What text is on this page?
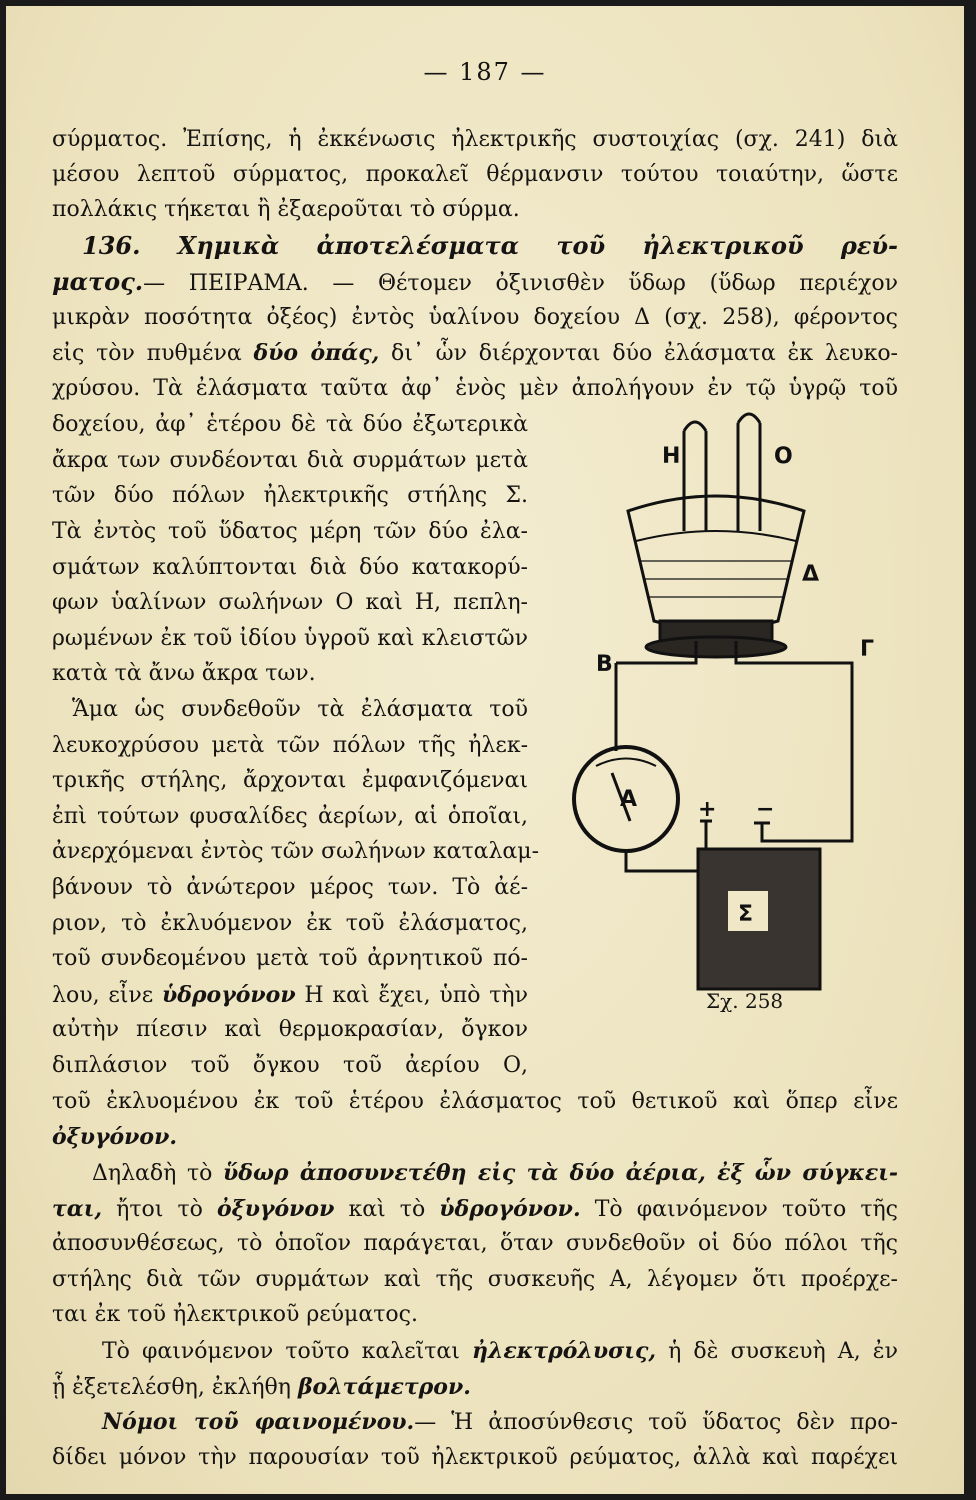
— 187 —
σύρματος. Ἐπίσης, ἡ ἐκκένωσις ἠλεκτρικῆς συστοιχίας (σχ. 241) διὰ
μέσου λεπτοῦ σύρματος, προκαλεῖ θέρμανσιν τούτου τοιαύτην, ὥστε
πολλάκις τήκεται ἢ ἐξαεροῦται τὸ σύρμα.
136. Χημικὰ ἀποτελέσματα τοῦ ἠλεκτρικοῦ ρεύ-
ματος.— ΠΕΙΡΑΜΑ. — Θέτομεν ὀξινισθὲν ὕδωρ (ὕδωρ περιέχον
μικρὰν ποσότητα ὀξέος) ἐντὸς ὑαλίνου δοχείου Δ (σχ. 258), φέροντος
εἰς τὸν πυθμένα δύο ὀπάς, δι᾽ ὧν διέρχονται δύο ἐλάσματα ἐκ λευκο-
χρύσου. Τὰ ἐλάσματα ταῦτα ἀφ᾽ ἑνὸς μὲν ἀπολήγουν ἐν τῷ ὑγρῷ τοῦ
δοχείου, ἀφ᾽ ἑτέρου δὲ τὰ δύο ἐξωτερικὰ
ἄκρα των συνδέονται διὰ συρμάτων μετὰ
τῶν δύο πόλων ἠλεκτρικῆς στήλης Σ.
Τὰ ἐντὸς τοῦ ὕδατος μέρη τῶν δύο ἐλα-
σμάτων καλύπτονται διὰ δύο κατακορύ-
φων ὑαλίνων σωλήνων Ο καὶ Η, πεπλη-
ρωμένων ἐκ τοῦ ἰδίου ὑγροῦ καὶ κλειστῶν
κατὰ τὰ ἄνω ἄκρα των.
Ἅμα ὡς συνδεθοῦν τὰ ἐλάσματα τοῦ
λευκοχρύσου μετὰ τῶν πόλων τῆς ἠλεκ-
τρικῆς στήλης, ἄρχονται ἐμφανιζόμεναι
ἐπὶ τούτων φυσαλίδες ἀερίων, αἱ ὁποῖαι,
ἀνερχόμεναι ἐντὸς τῶν σωλήνων καταλαμ-
βάνουν τὸ ἀνώτερον μέρος των. Τὸ ἀέ-
ριον, τὸ ἐκλυόμενον ἐκ τοῦ ἐλάσματος,
τοῦ συνδεομένου μετὰ τοῦ ἀρνητικοῦ πό-
λου, εἶνε ὑδρογόνον Η καὶ ἔχει, ὑπὸ τὴν
αὐτὴν πίεσιν καὶ θερμοκρασίαν, ὄγκον
διπλάσιον τοῦ ὄγκου τοῦ ἀερίου Ο,
τοῦ ἐκλυομένου ἐκ τοῦ ἑτέρου ἐλάσματος τοῦ θετικοῦ καὶ ὅπερ εἶνε
ὀξυγόνον.
Δηλαδὴ τὸ ὕδωρ ἀποσυνετέθη εἰς τὰ δύο ἀέρια, ἐξ ὧν σύγκει-
ται, ἤτοι τὸ ὀξυγόνον καὶ τὸ ὑδρογόνον. Τὸ φαινόμενον τοῦτο τῆς
ἀποσυνθέσεως, τὸ ὁποῖον παράγεται, ὅταν συνδεθοῦν οἱ δύο πόλοι τῆς
στήλης διὰ τῶν συρμάτων καὶ τῆς συσκευῆς Α, λέγομεν ὅτι προέρχε-
ται ἐκ τοῦ ἠλεκτρικοῦ ρεύματος.
Τὸ φαινόμενον τοῦτο καλεῖται ἠλεκτρόλυσις, ἡ δὲ συσκευὴ Α, ἐν
ᾗ ἐξετελέσθη, ἐκλήθη βολτάμετρον.
Νόμοι τοῦ φαινομένου.— Ἡ ἀποσύνθεσις τοῦ ὕδατος δὲν προ-
δίδει μόνον τὴν παρουσίαν τοῦ ἠλεκτρικοῦ ρεύματος, ἀλλὰ καὶ παρέχει
Η	Ο
Δ
Β
Γ
A
Σ
+ −
Σχ. 258
